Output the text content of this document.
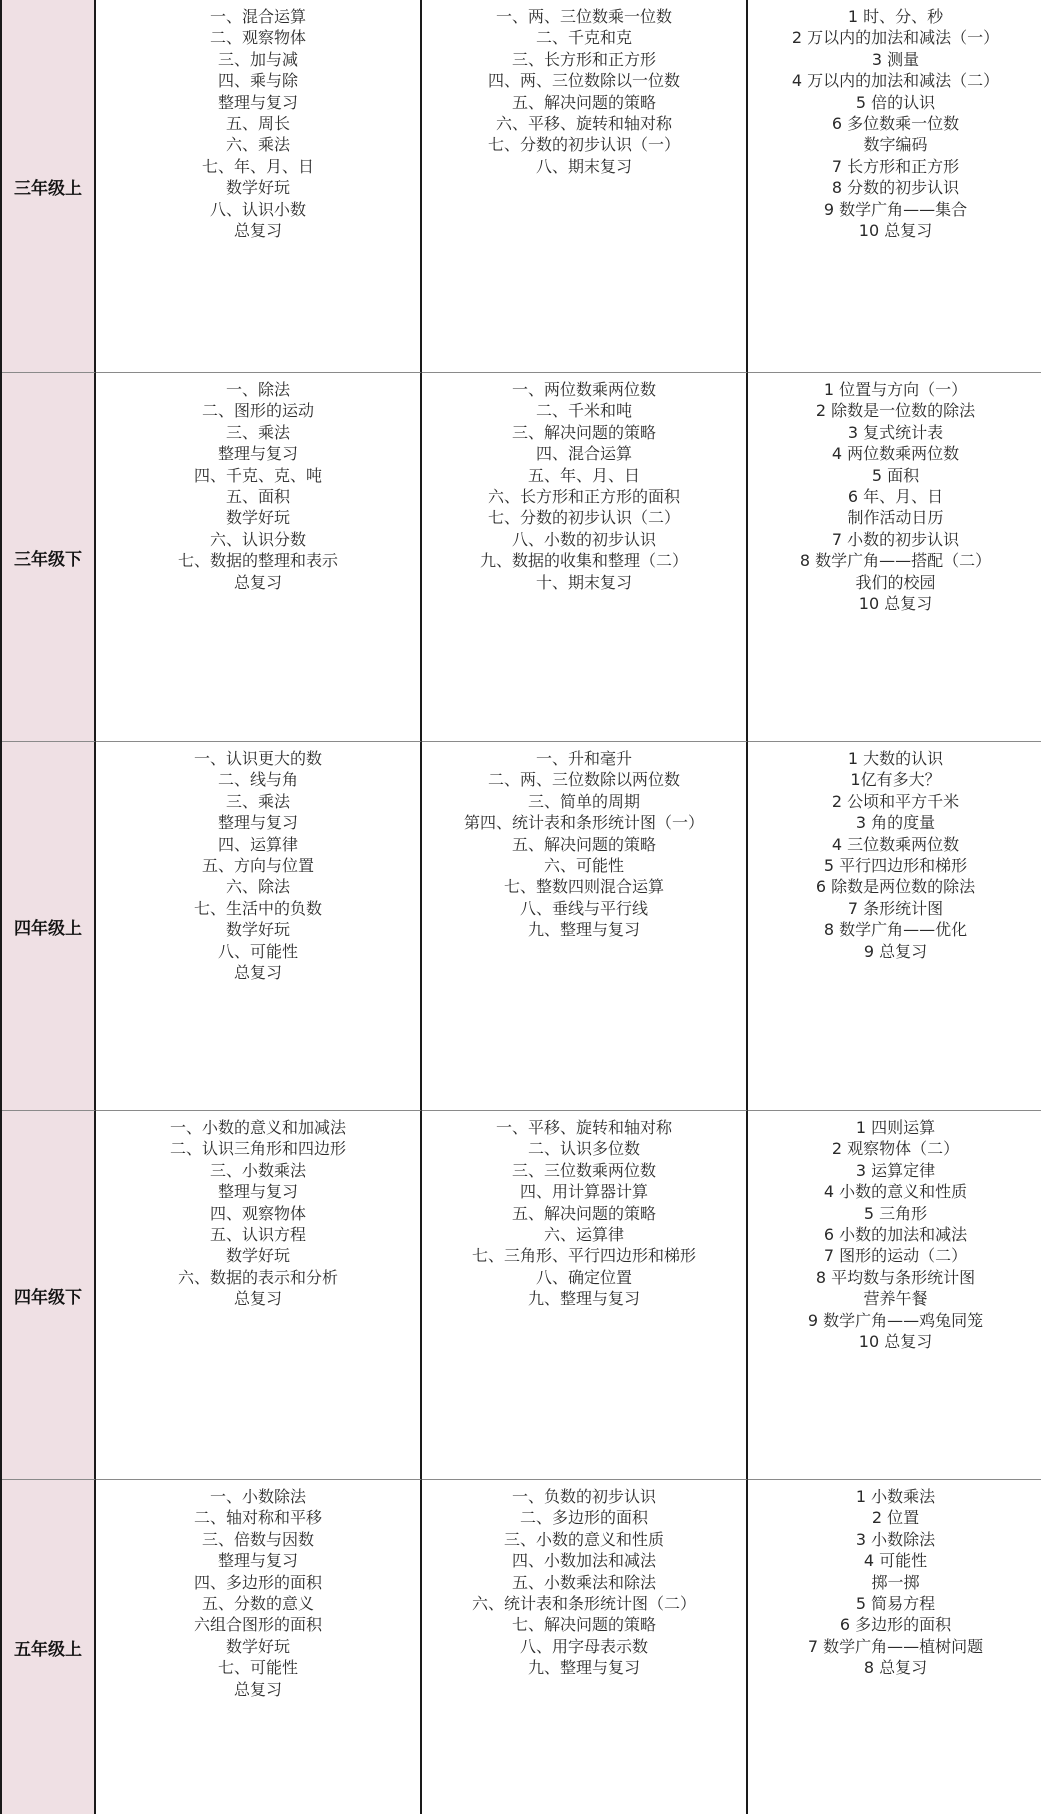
三年级上
一、混合运算
二、观察物体
三、加与减
四、乘与除
整理与复习
五、周长
六、乘法
七、年、月、日
数学好玩
八、认识小数
总复习
一、两、三位数乘一位数
二、千克和克
三、长方形和正方形
四、两、三位数除以一位数
五、解决问题的策略
六、平移、旋转和轴对称
七、分数的初步认识（一）
八、期末复习
1 时、分、秒
2 万以内的加法和减法（一）
3 测量
4 万以内的加法和减法（二）
5 倍的认识
6 多位数乘一位数
数字编码
7 长方形和正方形
8 分数的初步认识
9 数学广角——集合
10 总复习
三年级下
一、除法
二、图形的运动
三、乘法
整理与复习
四、千克、克、吨
五、面积
数学好玩
六、认识分数
七、数据的整理和表示
总复习
一、两位数乘两位数
二、千米和吨
三、解决问题的策略
四、混合运算
五、年、月、日
六、长方形和正方形的面积
七、分数的初步认识（二）
八、小数的初步认识
九、数据的收集和整理（二）
十、期末复习
1 位置与方向（一）
2 除数是一位数的除法
3 复式统计表
4 两位数乘两位数
5 面积
6 年、月、日
制作活动日历
7 小数的初步认识
8 数学广角——搭配（二）
我们的校园
10 总复习
四年级上
一、认识更大的数
二、线与角
三、乘法
整理与复习
四、运算律
五、方向与位置
六、除法
七、生活中的负数
数学好玩
八、可能性
总复习
一、升和毫升
二、两、三位数除以两位数
三、简单的周期
第四、统计表和条形统计图（一）
五、解决问题的策略
六、可能性
七、整数四则混合运算
八、垂线与平行线
九、整理与复习
1 大数的认识
1亿有多大？
2 公顷和平方千米
3 角的度量
4 三位数乘两位数
5 平行四边形和梯形
6 除数是两位数的除法
7 条形统计图
8 数学广角——优化
9 总复习
四年级下
一、小数的意义和加减法
二、认识三角形和四边形
三、小数乘法
整理与复习
四、观察物体
五、认识方程
数学好玩
六、数据的表示和分析
总复习
一、平移、旋转和轴对称
二、认识多位数
三、三位数乘两位数
四、用计算器计算
五、解决问题的策略
六、运算律
七、三角形、平行四边形和梯形
八、确定位置
九、整理与复习
1 四则运算
2 观察物体（二）
3 运算定律
4 小数的意义和性质
5 三角形
6 小数的加法和减法
7 图形的运动（二）
8 平均数与条形统计图
营养午餐
9 数学广角——鸡兔同笼
10 总复习
五年级上
一、小数除法
二、轴对称和平移
三、倍数与因数
整理与复习
四、多边形的面积
五、分数的意义
六组合图形的面积
数学好玩
七、可能性
总复习
一、负数的初步认识
二、多边形的面积
三、小数的意义和性质
四、小数加法和减法
五、小数乘法和除法
六、统计表和条形统计图（二）
七、解决问题的策略
八、用字母表示数
九、整理与复习
1 小数乘法
2 位置
3 小数除法
4 可能性
掷一掷
5 简易方程
6 多边形的面积
7 数学广角——植树问题
8 总复习
